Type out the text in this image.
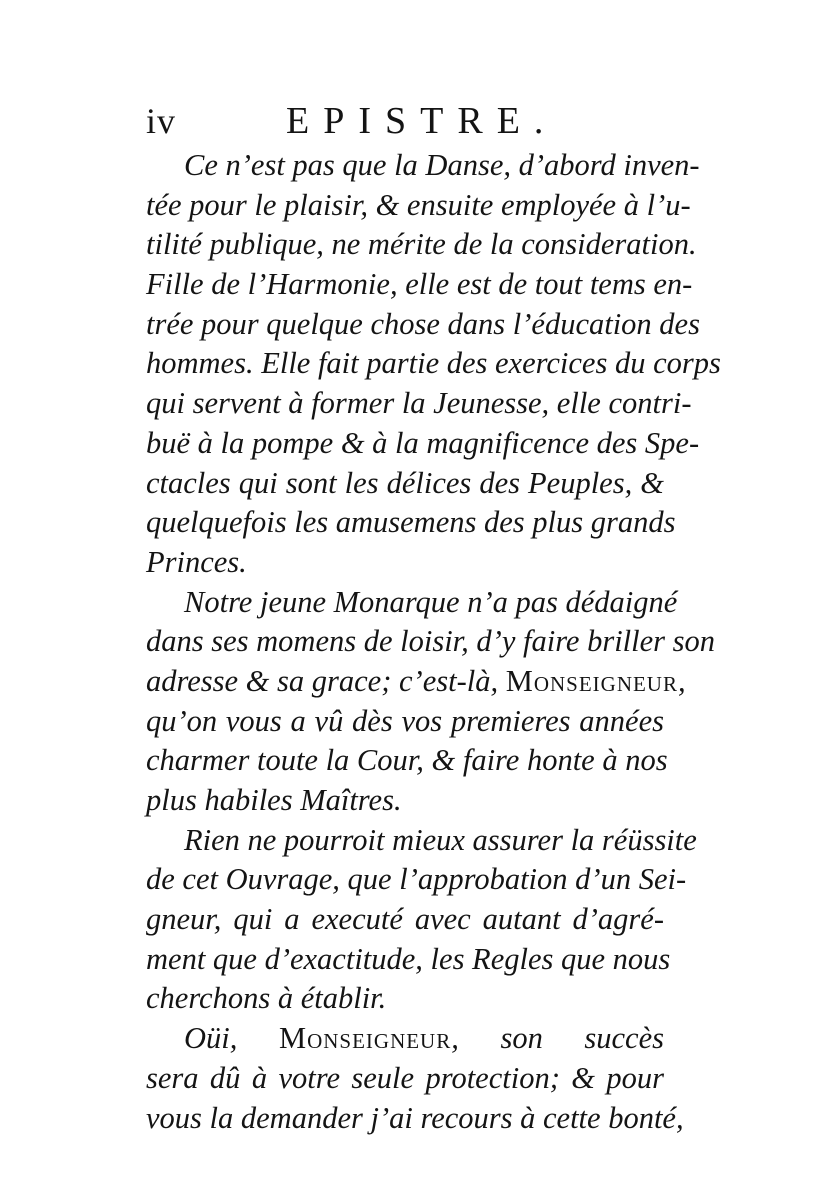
iv	EPISTRE.
Ce n’est pas que la Danse, d’abord inven-
tée pour le plaisir, & ensuite employée à l’u-
tilité publique, ne mérite de la consideration.
Fille de l’Harmonie, elle est de tout tems en-
trée pour quelque chose dans l’éducation des
hommes. Elle fait partie des exercices du corps
qui servent à former la Jeunesse, elle contri-
buë à la pompe & à la magnificence des Spe-
ctacles qui sont les délices des Peuples, &
quelquefois les amusemens des plus grands
Princes.
Notre jeune Monarque n’a pas dédaigné
dans ses momens de loisir, d’y faire briller son
adresse & sa grace; c’est-là, Monseigneur,
qu’on vous a vû dès vos premieres années
charmer toute la Cour, & faire honte à nos
plus habiles Maîtres.
Rien ne pourroit mieux assurer la réüssite
de cet Ouvrage, que l’approbation d’un Sei-
gneur, qui a executé avec autant d’agré-
ment que d’exactitude, les Regles que nous
cherchons à établir.
Oüi, Monseigneur, son succès
sera dû à votre seule protection; & pour
vous la demander j’ai recours à cette bonté,
